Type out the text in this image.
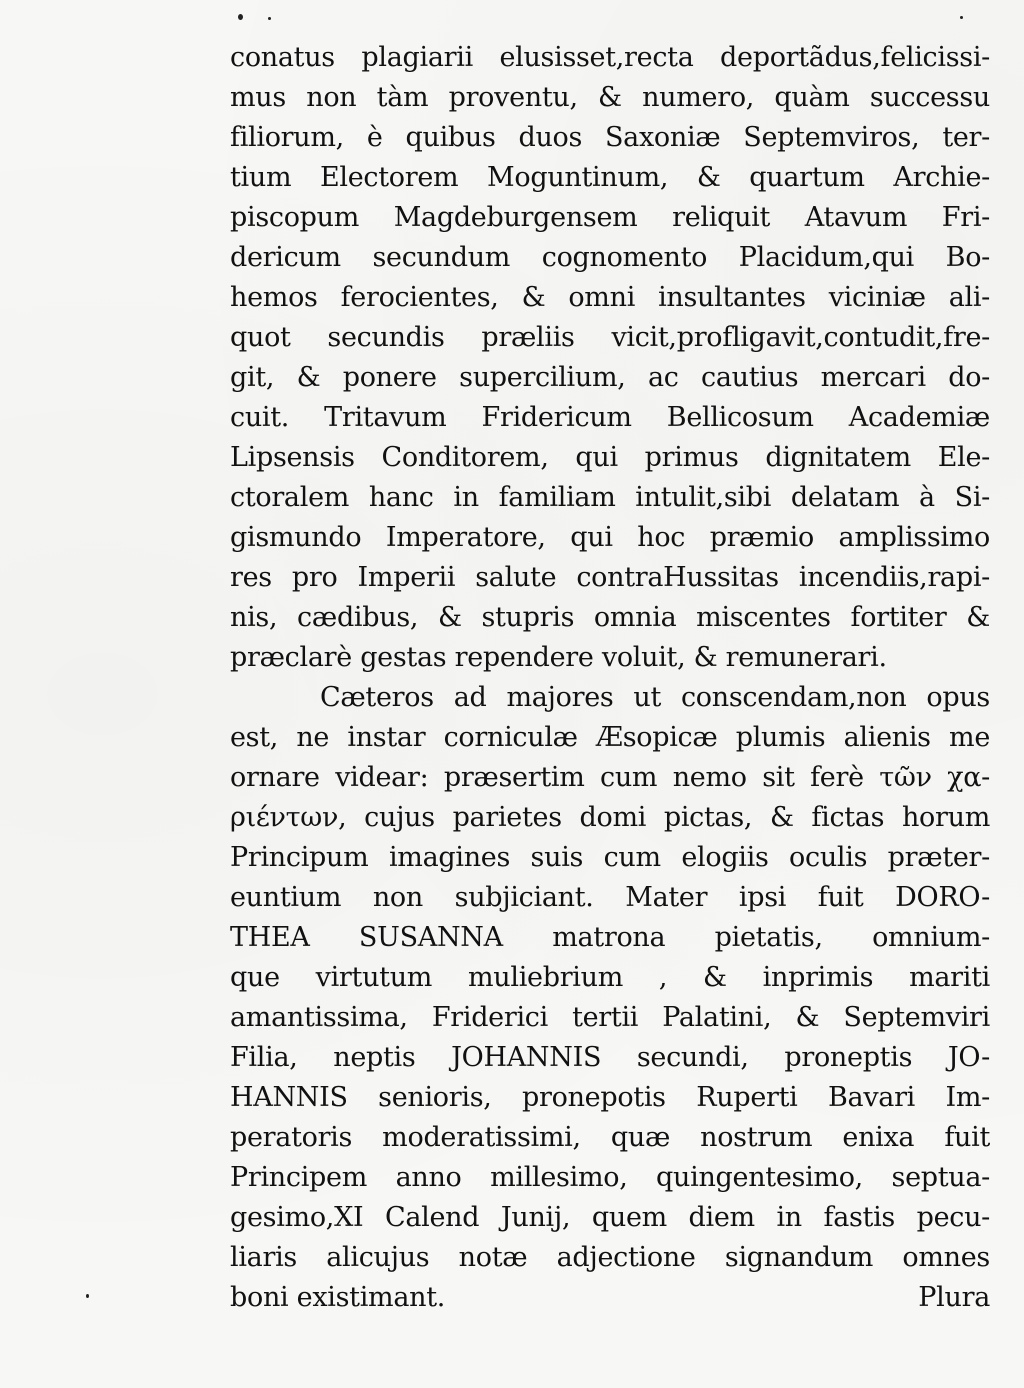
conatus plagiarii elusisset,recta deportãdus,felicissi-
mus non tàm proventu, & numero, quàm successu
filiorum, è quibus duos Saxoniæ Septemviros, ter-
tium Electorem Moguntinum, & quartum Archie-
piscopum Magdeburgensem reliquit Atavum Fri-
dericum secundum cognomento Placidum,qui Bo-
hemos ferocientes, & omni insultantes viciniæ ali-
quot secundis præliis vicit,profligavit,contudit,fre-
git, & ponere supercilium, ac cautius mercari do-
cuit. Tritavum Fridericum Bellicosum Academiæ
Lipsensis Conditorem, qui primus dignitatem Ele-
ctoralem hanc in familiam intulit,sibi delatam à Si-
gismundo Imperatore, qui hoc præmio amplissimo
res pro Imperii salute contraHussitas incendiis,rapi-
nis, cædibus, & stupris omnia miscentes fortiter &
præclarè gestas rependere voluit, & remunerari.
Cæteros ad majores ut conscendam,non opus
est, ne instar corniculæ Æsopicæ plumis alienis me
ornare videar: præsertim cum nemo sit ferè τῶν χα-
ριέντων, cujus parietes domi pictas, & fictas horum
Principum imagines suis cum elogiis oculis præter-
euntium non subjiciant. Mater ipsi fuit DORO-
THEA SUSANNA matrona pietatis, omnium-
que virtutum muliebrium , & inprimis mariti
amantissima, Friderici tertii Palatini, & Septemviri
Filia, neptis JOHANNIS secundi, proneptis JO-
HANNIS senioris, pronepotis Ruperti Bavari Im-
peratoris moderatissimi, quæ nostrum enixa fuit
Principem anno millesimo, quingentesimo, septua-
gesimo,XI Calend Junij, quem diem in fastis pecu-
liaris alicujus notæ adjectione signandum omnes
boni existimant.	Plura
